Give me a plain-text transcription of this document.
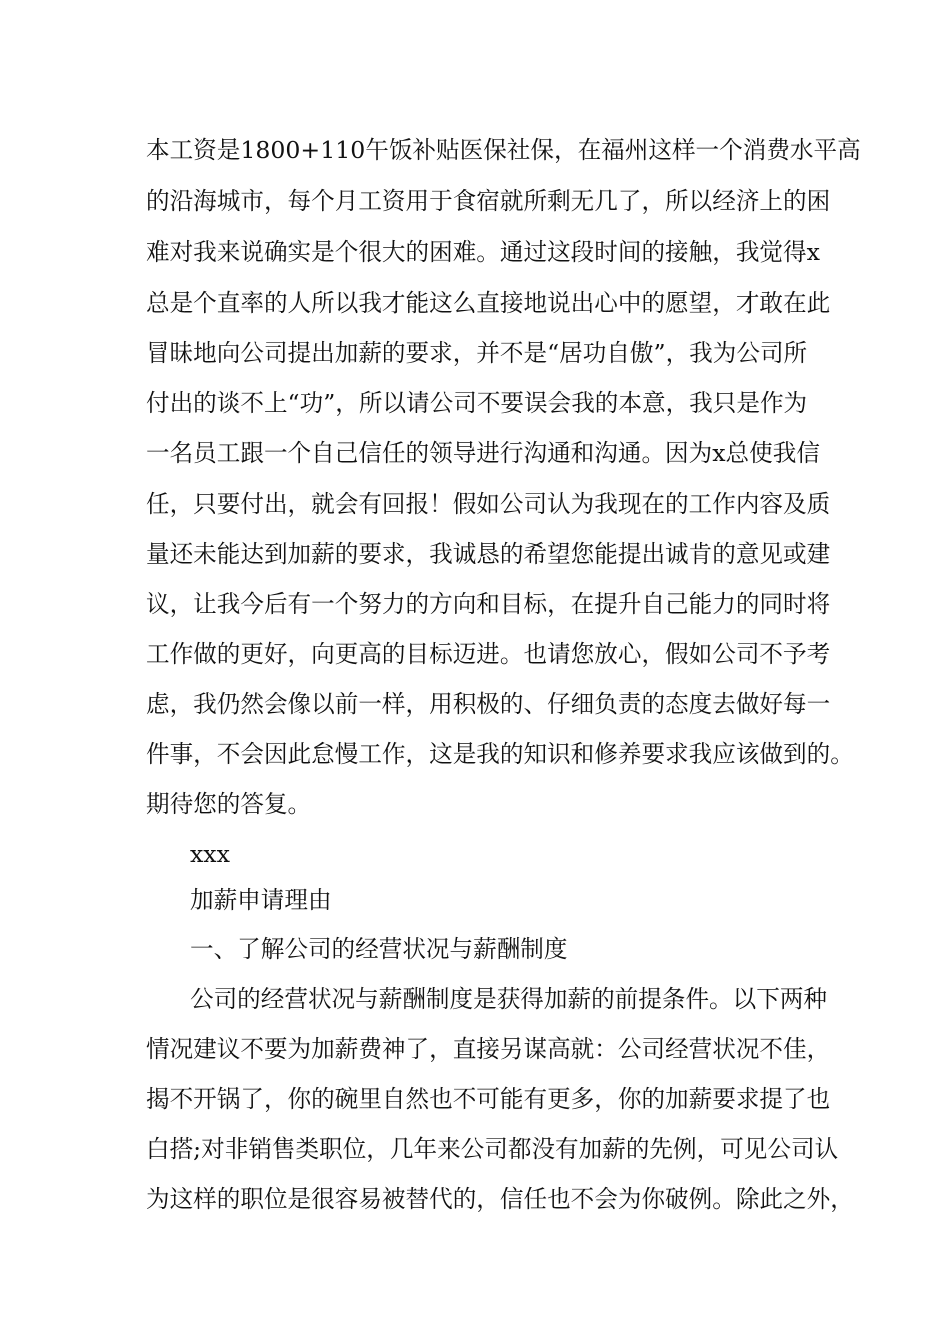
本工资是1800+110午饭补贴医保社保，在福州这样一个消费水平高
的沿海城市，每个月工资用于食宿就所剩无几了，所以经济上的困
难对我来说确实是个很大的困难。通过这段时间的接触，我觉得x
总是个直率的人所以我才能这么直接地说出心中的愿望，才敢在此
冒昧地向公司提出加薪的要求，并不是“居功自傲”，我为公司所
付出的谈不上“功”，所以请公司不要误会我的本意，我只是作为
一名员工跟一个自己信任的领导进行沟通和沟通。因为x总使我信
任，只要付出，就会有回报！假如公司认为我现在的工作内容及质
量还未能达到加薪的要求，我诚恳的希望您能提出诚肯的意见或建
议，让我今后有一个努力的方向和目标，在提升自己能力的同时将
工作做的更好，向更高的目标迈进。也请您放心，假如公司不予考
虑，我仍然会像以前一样，用积极的、仔细负责的态度去做好每一
件事，不会因此怠慢工作，这是我的知识和修养要求我应该做到的。
期待您的答复。
xxx
加薪申请理由
一、了解公司的经营状况与薪酬制度
公司的经营状况与薪酬制度是获得加薪的前提条件。以下两种
情况建议不要为加薪费神了，直接另谋高就：公司经营状况不佳，
揭不开锅了，你的碗里自然也不可能有更多，你的加薪要求提了也
白搭;对非销售类职位，几年来公司都没有加薪的先例，可见公司认
为这样的职位是很容易被替代的，信任也不会为你破例。除此之外，
